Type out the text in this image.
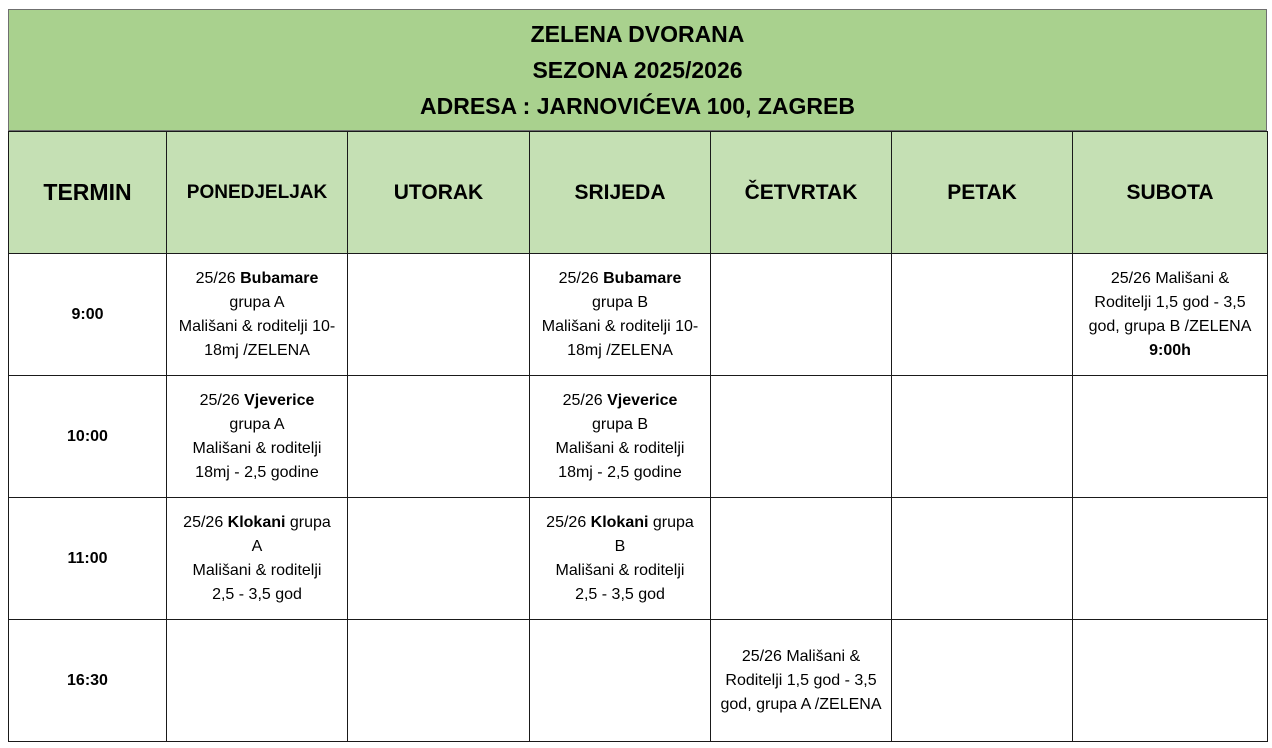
ZELENA DVORANA
SEZONA 2025/2026
ADRESA : JARNOVIĆEVA 100, ZAGREB
TERMIN	PONEDJELJAK	UTORAK	SRIJEDA	ČETVRTAK	PETAK	SUBOTA
9:00	25/26 Bubamare
grupa A
Mališani & roditelji 10-
18mj /ZELENA		25/26 Bubamare
grupa B
Mališani & roditelji 10-
18mj /ZELENA			25/26 Mališani &
Roditelji 1,5 god - 3,5
god, grupa B /ZELENA
9:00h

10:00	25/26 Vjeverice
grupa A
Mališani & roditelji
18mj - 2,5 godine		25/26 Vjeverice
grupa B
Mališani & roditelji
18mj - 2,5 godine			

11:00	25/26 Klokani grupa
A
Mališani & roditelji
2,5 - 3,5 god		25/26 Klokani grupa
B
Mališani & roditelji
2,5 - 3,5 god			

16:30				25/26 Mališani &
Roditelji 1,5 god - 3,5
god, grupa A /ZELENA		
